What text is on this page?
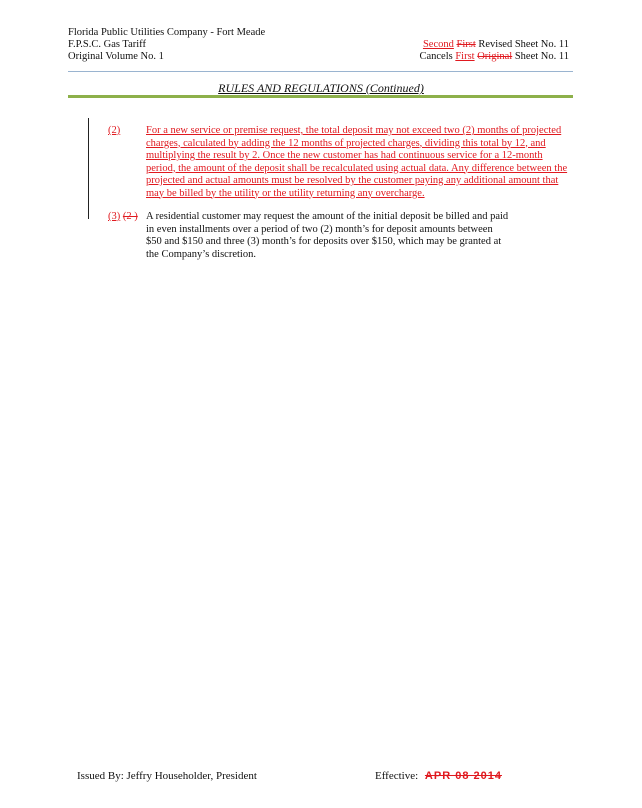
Florida Public Utilities Company - Fort Meade
F.P.S.C. Gas Tariff
Original Volume No. 1
Second First Revised Sheet No. 11
Cancels First Original Sheet No. 11
RULES AND REGULATIONS (Continued)
(2) For a new service or premise request, the total deposit may not exceed two (2) months of projected
charges, calculated by adding the 12 months of projected charges, dividing this total by 12, and
multiplying the result by 2. Once the new customer has had continuous service for a 12-month
period, the amount of the deposit shall be recalculated using actual data. Any difference between the
projected and actual amounts must be resolved by the customer paying any additional amount that
may be billed by the utility or the utility returning any overcharge.
(3) (2 ) A residential customer may request the amount of the initial deposit be billed and paid
in even installments over a period of two (2) month’s for deposit amounts between
$50 and $150 and three (3) month’s for deposits over $150, which may be granted at
the Company’s discretion.
Issued By: Jeffry Householder, President	Effective: APR 08 2014
